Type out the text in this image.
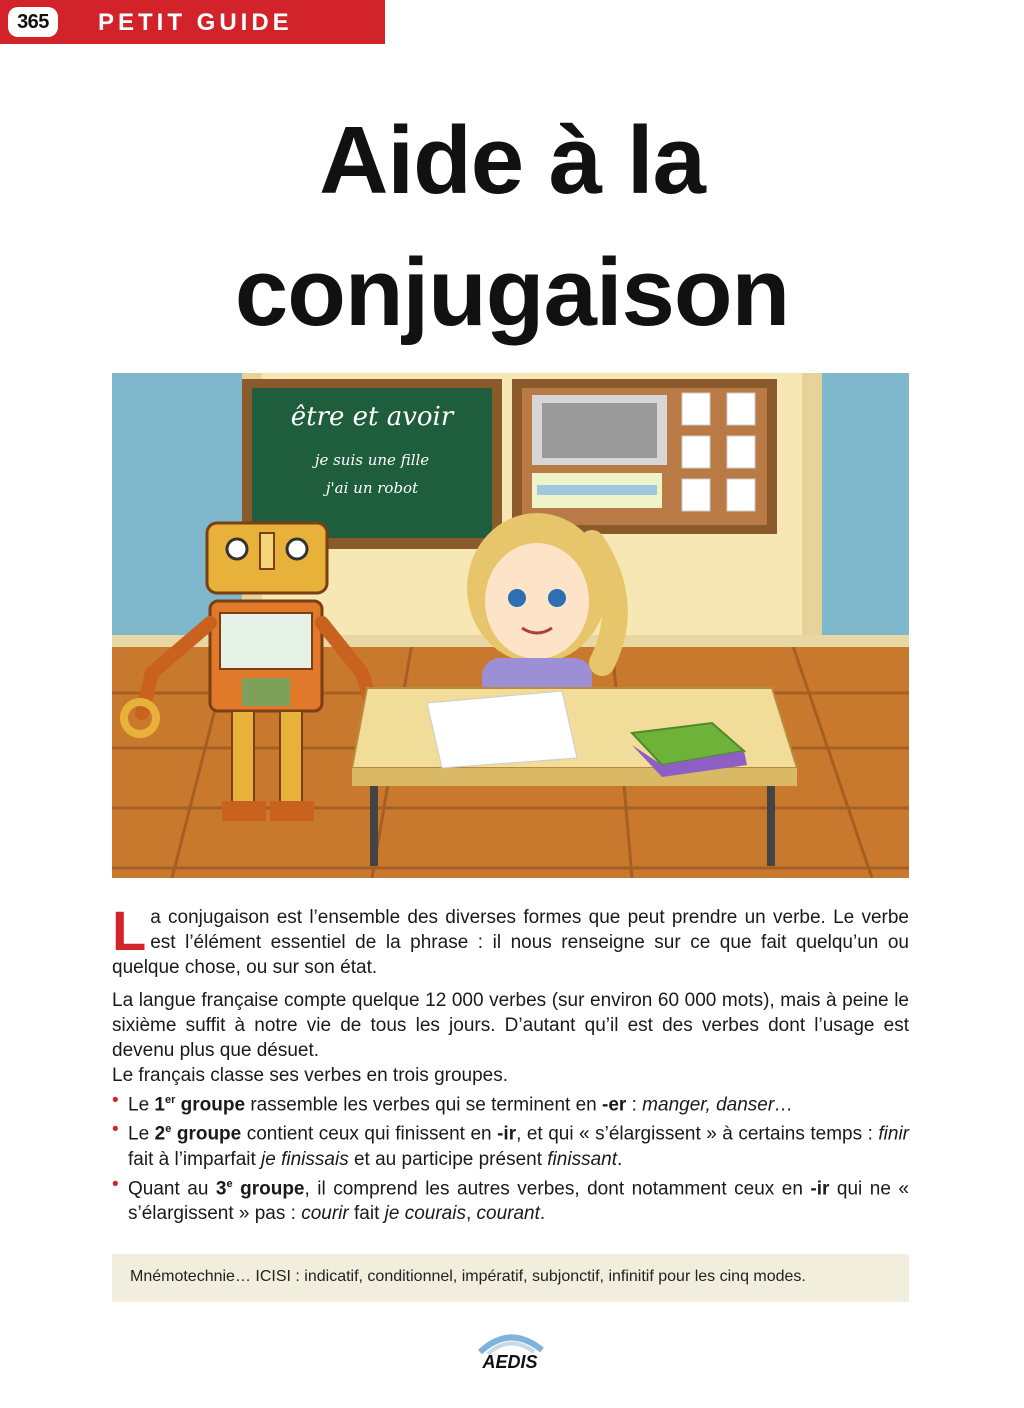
365	PETIT GUIDE
Aide à la
conjugaison
être et avoir
je suis une fille
j'ai un robot

La conjugaison est l’ensemble des diverses formes que peut prendre un verbe. Le verbe est l’élément essentiel de la phrase : il nous renseigne sur ce que fait quelqu’un ou quelque chose, ou sur son état.

La langue française compte quelque 12 000 verbes (sur environ 60 000 mots), mais à peine le sixième suffit à notre vie de tous les jours. D’autant qu’il est des verbes dont l’usage est devenu plus que désuet.
Le français classe ses verbes en trois groupes.

• Le 1er groupe rassemble les verbes qui se terminent en -er : manger, danser…
• Le 2e groupe contient ceux qui finissent en -ir, et qui « s’élargissent » à certains temps : finir fait à l’imparfait je finissais et au participe présent finissant.
• Quant au 3e groupe, il comprend les autres verbes, dont notamment ceux en -ir qui ne « s’élargissent » pas : courir fait je courais, courant.
Mnémotechnie… ICISI : indicatif, conditionnel, impératif, subjonctif, infinitif pour les cinq modes.
AEDIS
